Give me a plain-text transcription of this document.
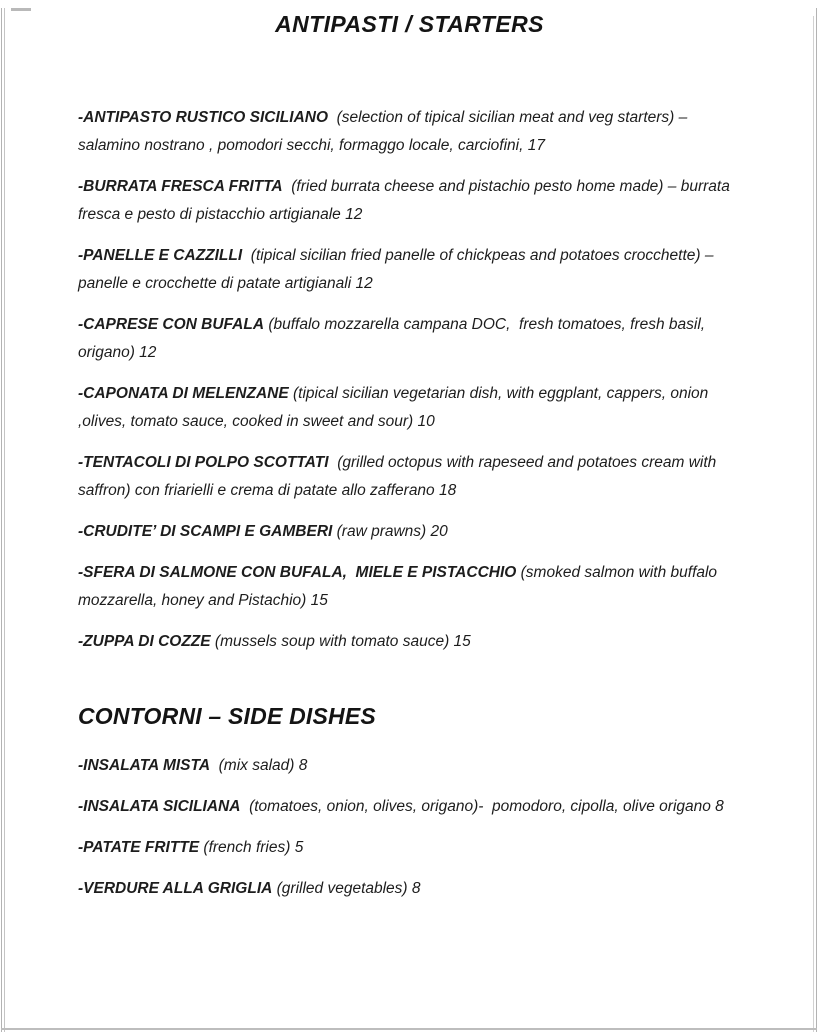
ANTIPASTI / STARTERS

-ANTIPASTO RUSTICO SICILIANO  (selection of tipical sicilian meat and veg starters) – salamino nostrano , pomodori secchi, formaggo locale, carciofini, 17

-BURRATA FRESCA FRITTA  (fried burrata cheese and pistachio pesto home made) – burrata fresca e pesto di pistacchio artigianale 12

-PANELLE E CAZZILLI  (tipical sicilian fried panelle of chickpeas and potatoes crocchette) –panelle e crocchette di patate artigianali 12

-CAPRESE CON BUFALA (buffalo mozzarella campana DOC,  fresh tomatoes, fresh basil, origano) 12

-CAPONATA DI MELENZANE (tipical sicilian vegetarian dish, with eggplant, cappers, onion ,olives, tomato sauce, cooked in sweet and sour) 10

-TENTACOLI DI POLPO SCOTTATI  (grilled octopus with rapeseed and potatoes cream with saffron) con friarielli e crema di patate allo zafferano 18

-CRUDITE’ DI SCAMPI E GAMBERI (raw prawns) 20

-SFERA DI SALMONE CON BUFALA,  MIELE E PISTACCHIO (smoked salmon with buffalo mozzarella, honey and Pistachio) 15

-ZUPPA DI COZZE (mussels soup with tomato sauce) 15

CONTORNI – SIDE DISHES

-INSALATA MISTA  (mix salad) 8

-INSALATA SICILIANA  (tomatoes, onion, olives, origano)-  pomodoro, cipolla, olive origano 8

-PATATE FRITTE (french fries) 5

-VERDURE ALLA GRIGLIA (grilled vegetables) 8
